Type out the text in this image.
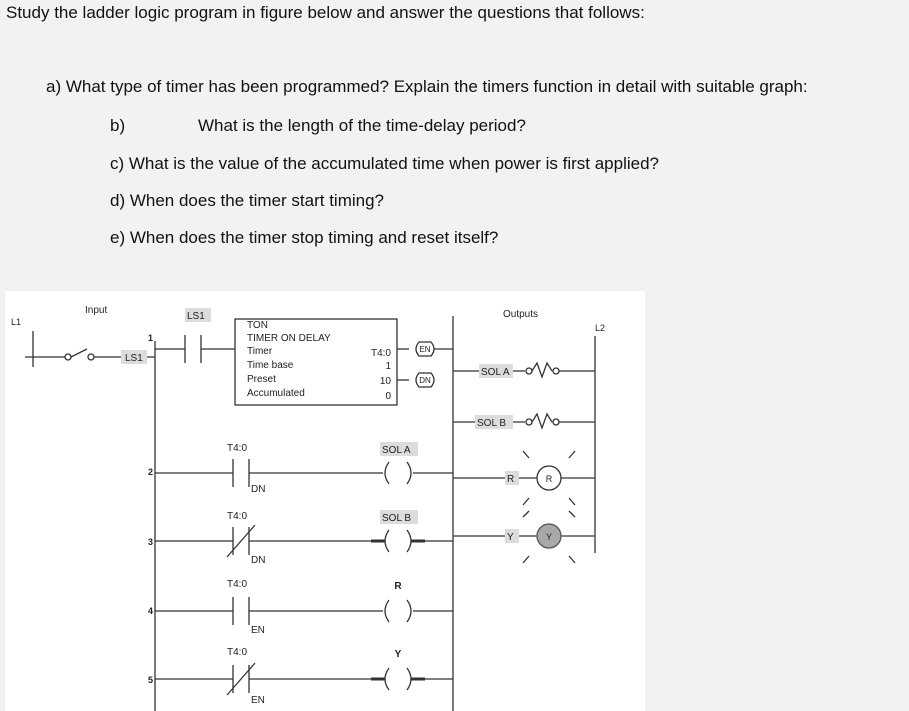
Study the ladder logic program in figure below and answer the questions that follows:
a) What type of timer has been programmed? Explain the timers function in detail with suitable graph:
b)	What is the length of the time-delay period?
c) What is the value of the accumulated time when power is first applied?
d) When does the timer start timing?
e) When does the timer stop timing and reset itself?
L1
Input
LS1
LS1
1
TON
TIMER ON DELAY
Timer
Time base
Preset
Accumulated
T4:0
1
10
0
EN
DN
2
T4:0
DN
SOL A
3
T4:0
DN
SOL B
4
T4:0
EN
R
5
T4:0
EN
Y
Outputs
L2
SOL A
SOL B
R	R
Y	Y
